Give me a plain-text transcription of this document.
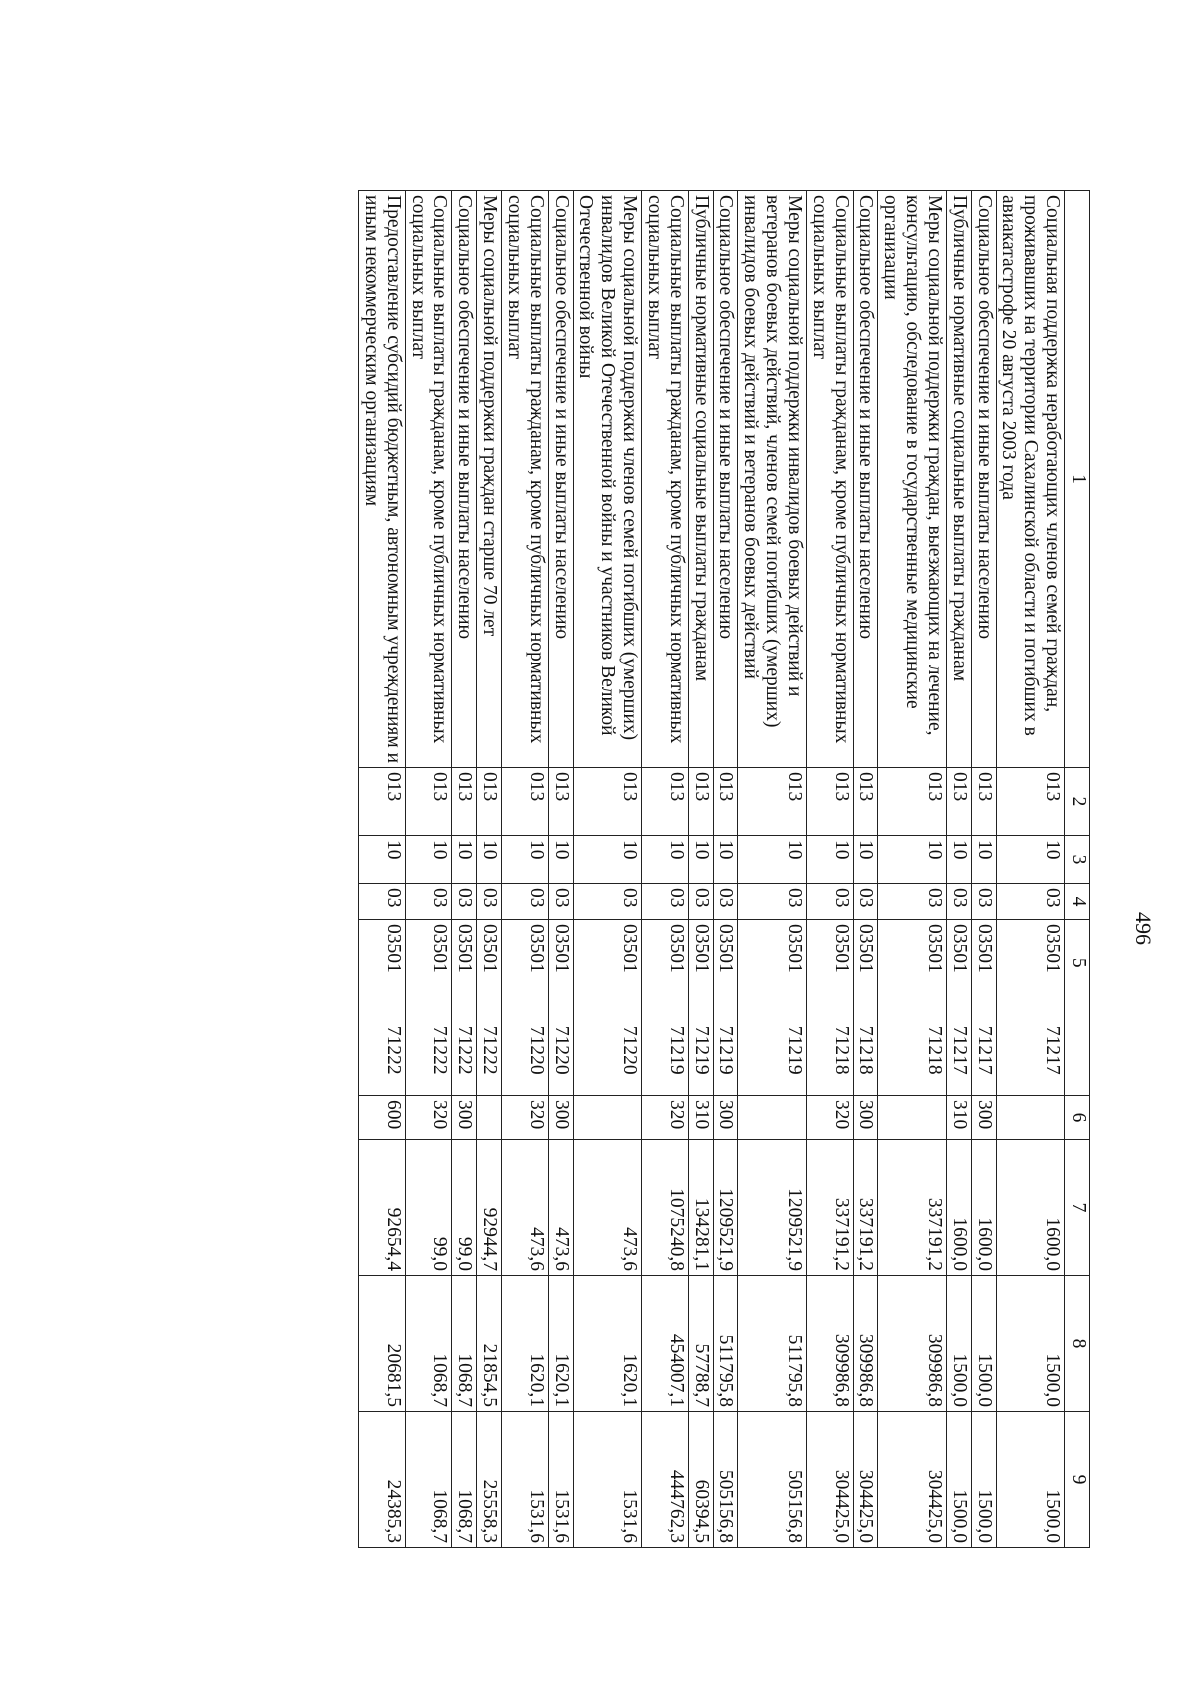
496
1	2	3	4	5		6	7	8	9
Социальная поддержка неработающих членов семей граждан, проживавших на территории Сахалинской области и погибших в авиакатастрофе 20 августа 2003 года	013	10	03	03501	71217		1600,0	1500,0	1500,0
Социальное обеспечение и иные выплаты населению	013	10	03	03501	71217	300	1600,0	1500,0	1500,0
Публичные нормативные социальные выплаты гражданам	013	10	03	03501	71217	310	1600,0	1500,0	1500,0
Меры социальной поддержки граждан, выезжающих на лечение, консультацию, обследование в государственные медицинские организации	013	10	03	03501	71218		337191,2	309986,8	304425,0
Социальное обеспечение и иные выплаты населению	013	10	03	03501	71218	300	337191,2	309986,8	304425,0
Социальные выплаты гражданам, кроме публичных нормативных социальных выплат	013	10	03	03501	71218	320	337191,2	309986,8	304425,0
Меры социальной поддержки инвалидов боевых действий и ветеранов боевых действий, членов семей погибших (умерших) инвалидов боевых действий и ветеранов боевых действий	013	10	03	03501	71219		1209521,9	511795,8	505156,8
Социальное обеспечение и иные выплаты населению	013	10	03	03501	71219	300	1209521,9	511795,8	505156,8
Публичные нормативные социальные выплаты гражданам	013	10	03	03501	71219	310	134281,1	57788,7	60394,5
Социальные выплаты гражданам, кроме публичных нормативных социальных выплат	013	10	03	03501	71219	320	1075240,8	454007,1	444762,3
Меры социальной поддержки членов семей погибших (умерших) инвалидов Великой Отечественной войны и участников Великой Отечественной войны	013	10	03	03501	71220		473,6	1620,1	1531,6
Социальное обеспечение и иные выплаты населению	013	10	03	03501	71220	300	473,6	1620,1	1531,6
Социальные выплаты гражданам, кроме публичных нормативных социальных выплат	013	10	03	03501	71220	320	473,6	1620,1	1531,6
Меры социальной поддержки граждан старше 70 лет	013	10	03	03501	71222		92944,7	21854,5	25558,3
Социальное обеспечение и иные выплаты населению	013	10	03	03501	71222	300	99,0	1068,7	1068,7
Социальные выплаты гражданам, кроме публичных нормативных социальных выплат	013	10	03	03501	71222	320	99,0	1068,7	1068,7
Предоставление субсидий бюджетным, автономным учреждениям и иным некоммерческим организациям	013	10	03	03501	71222	600	92654,4	20681,5	24385,3
